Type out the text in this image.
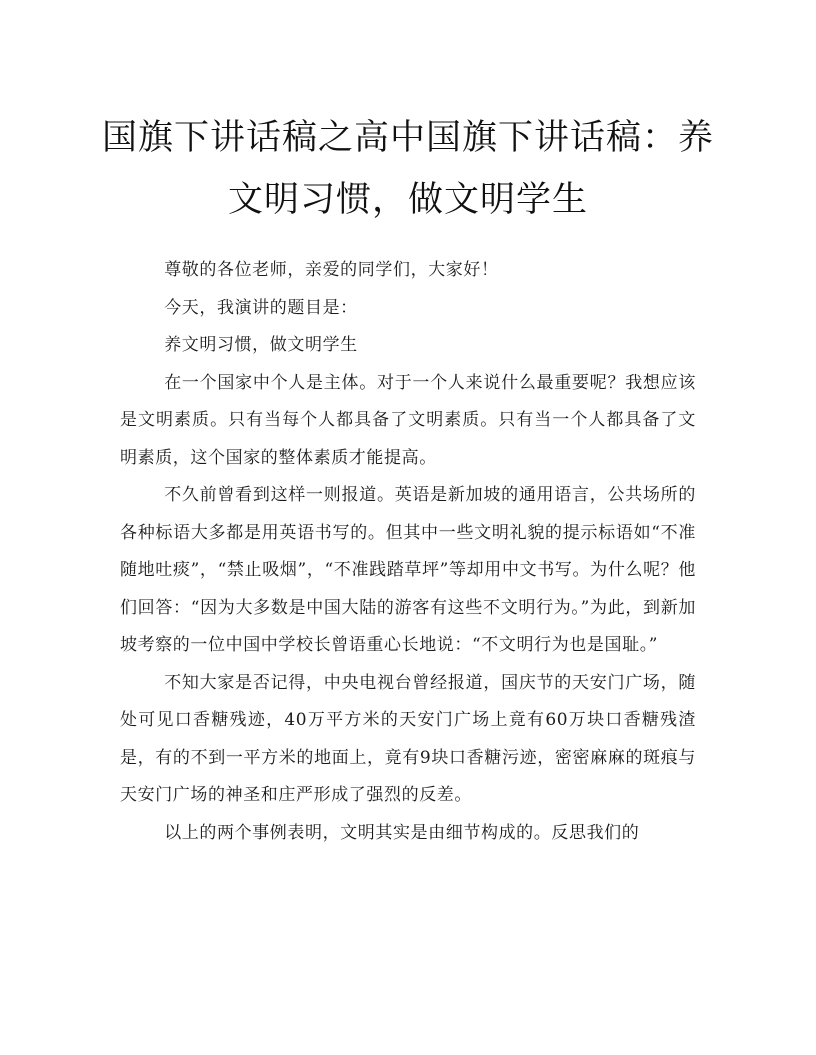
国旗下讲话稿之高中国旗下讲话稿：养
文明习惯，做文明学生

尊敬的各位老师，亲爱的同学们，大家好！

今天，我演讲的题目是：

养文明习惯，做文明学生

在一个国家中个人是主体。对于一个人来说什么最重要呢？我想应该是文明素质。只有当每个人都具备了文明素质。只有当一个人都具备了文明素质，这个国家的整体素质才能提高。

不久前曾看到这样一则报道。英语是新加坡的通用语言，公共场所的各种标语大多都是用英语书写的。但其中一些文明礼貌的提示标语如“不准随地吐痰”，“禁止吸烟”，“不准践踏草坪”等却用中文书写。为什么呢？他们回答：“因为大多数是中国大陆的游客有这些不文明行为。”为此，到新加坡考察的一位中国中学校长曾语重心长地说：“不文明行为也是国耻。”

不知大家是否记得，中央电视台曾经报道，国庆节的天安门广场，随处可见口香糖残迹，40万平方米的天安门广场上竟有60万块口香糖残渣是，有的不到一平方米的地面上，竟有9块口香糖污迹，密密麻麻的斑痕与天安门广场的神圣和庄严形成了强烈的反差。

以上的两个事例表明，文明其实是由细节构成的。反思我们的
